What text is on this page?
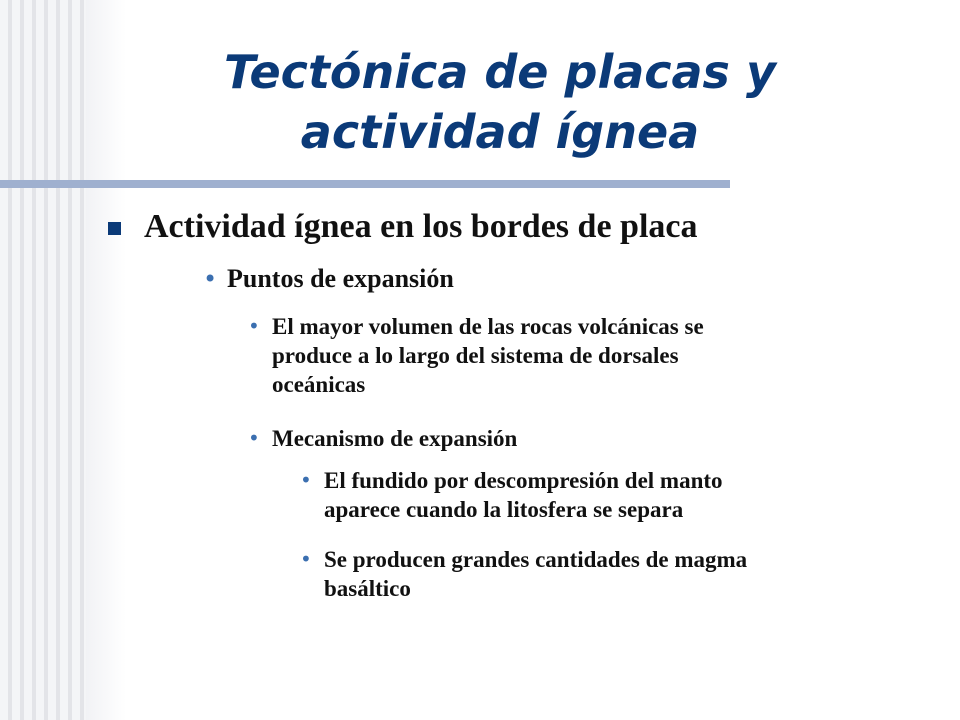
Tectónica de placas y
actividad ígnea
Actividad ígnea en los bordes de placa
• Puntos de expansión
• El mayor volumen de las rocas volcánicas se
produce a lo largo del sistema de dorsales
oceánicas
• Mecanismo de expansión
• El fundido por descompresión del manto
aparece cuando la litosfera se separa
• Se producen grandes cantidades de magma
basáltico
